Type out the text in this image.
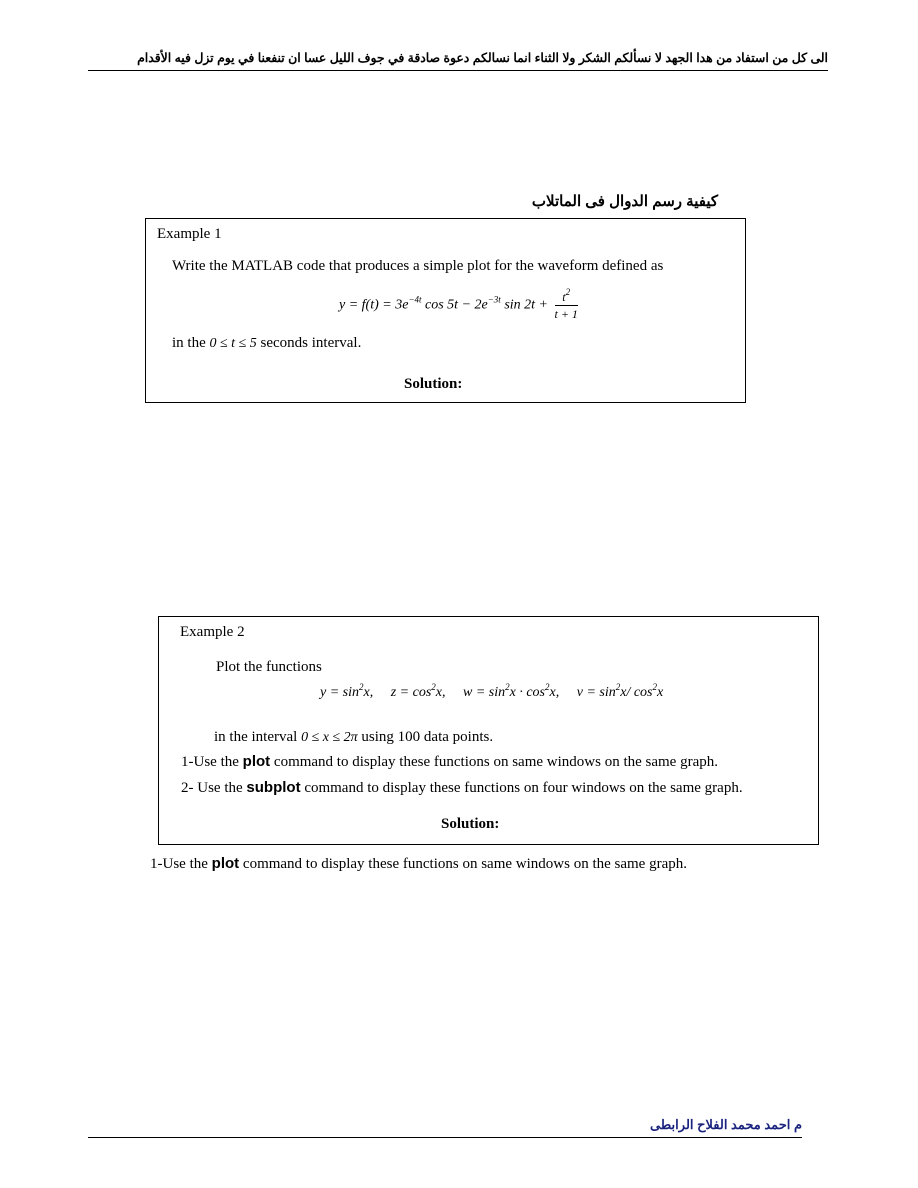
الى كل من استفاد من هدا الجهد لا نسألكم الشكر ولا الثناء انما نسالكم دعوة صادقة في جوف الليل عسا ان تنفعنا في يوم تزل فيه الأقدام
كيفية رسم الدوال فى الماتلاب
Example 1
Write the MATLAB code that produces a simple plot for the waveform defined as
$y = f(t) = 3e^{-4t}$ $\cos 5t - 2e^{-3t}$ $\sin 2t + \frac{t^2}{t + 1}$
in the 0 ≤ t ≤ 5 seconds interval.
Solution:
Example 2
Plot the functions
$y = \sin^2x$, $z = \cos^2x$, $w = \sin^2x \cdot \cos^2x$, $v = \sin^2x/$ $\cos^2x$
in the interval 0 ≤ x ≤ 2π using 100 data points.
1-Use the plot command to display these functions on same windows on the same graph.
2- Use the subplot command to display these functions on four windows on the same graph.
Solution:
1-Use the plot command to display these functions on same windows on the same graph.
م احمد محمد الفلاح الرابطى
